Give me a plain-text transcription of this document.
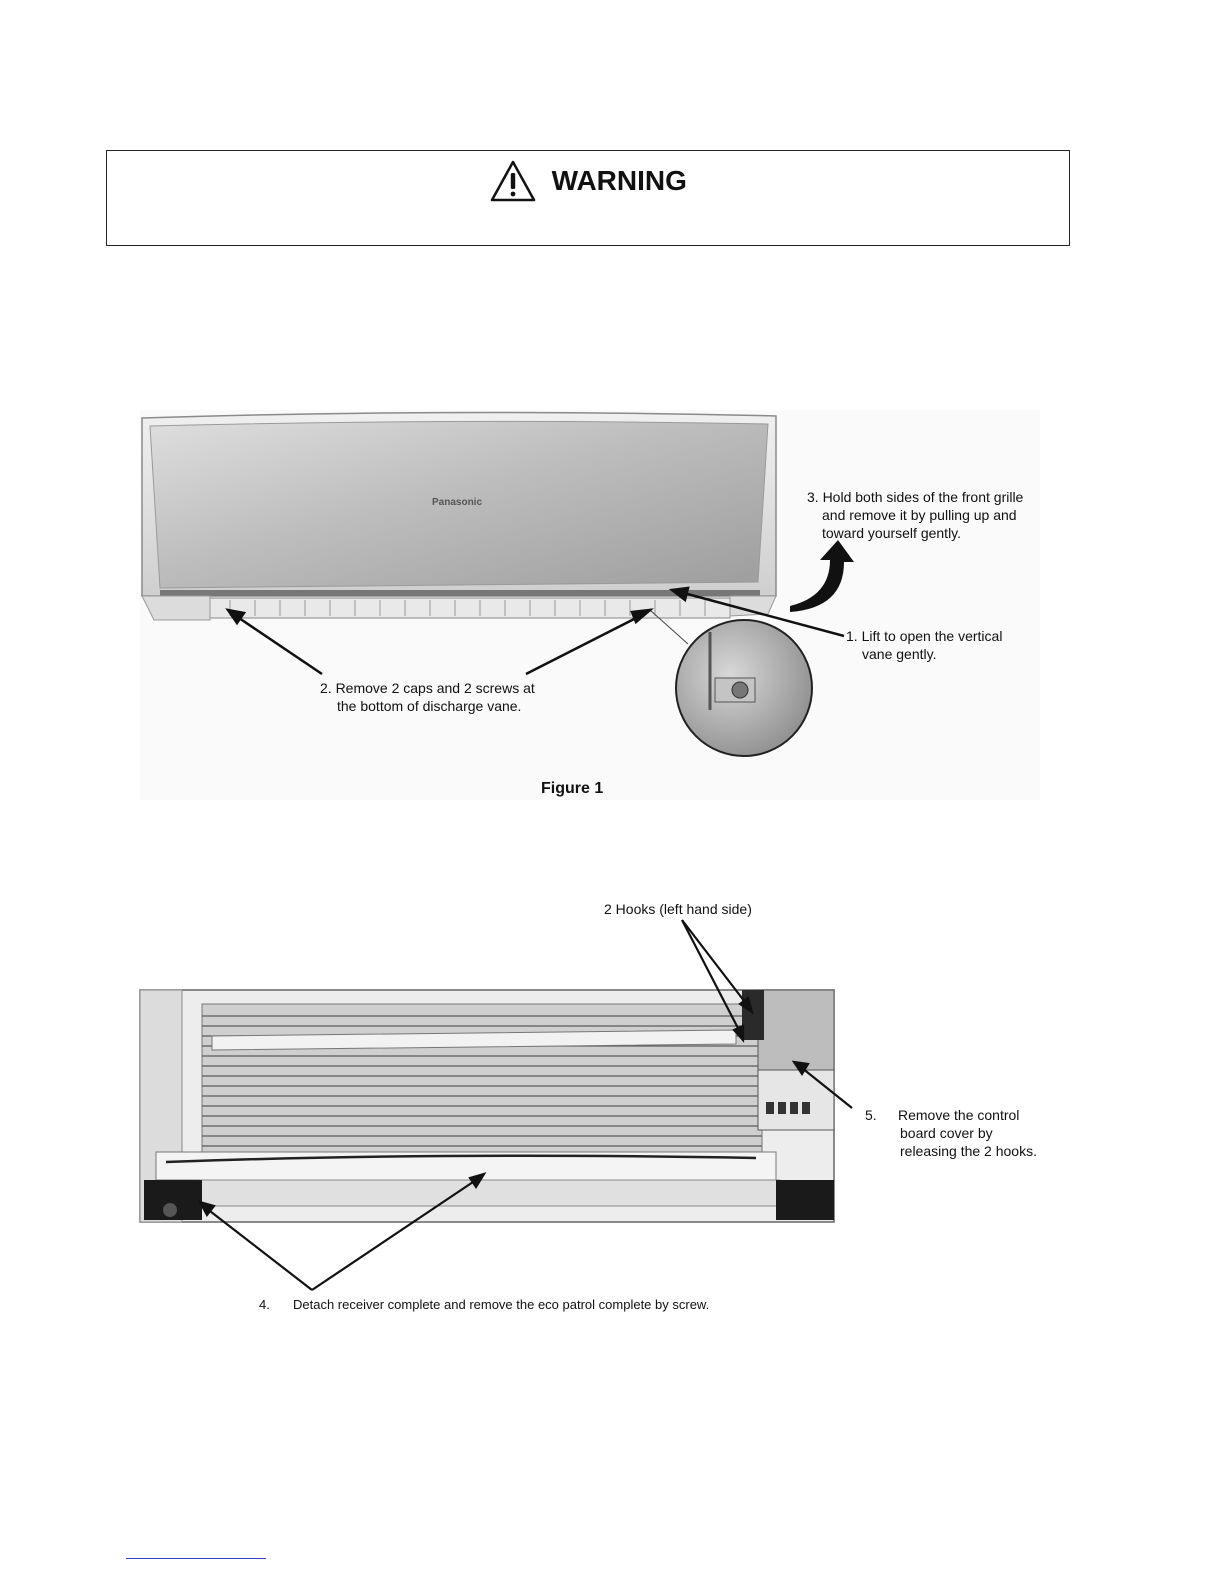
WARNING
Panasonic	3. Hold both sides of the front grille
and remove it by pulling up and
toward yourself gently.
1. Lift to open the vertical
vane gently.
2. Remove 2 caps and 2 screws at
the bottom of discharge vane.
Figure 1
2 Hooks (left hand side)
5. Remove the control
board cover by
releasing the 2 hooks.
4. Detach receiver complete and remove the eco patrol complete by screw.
